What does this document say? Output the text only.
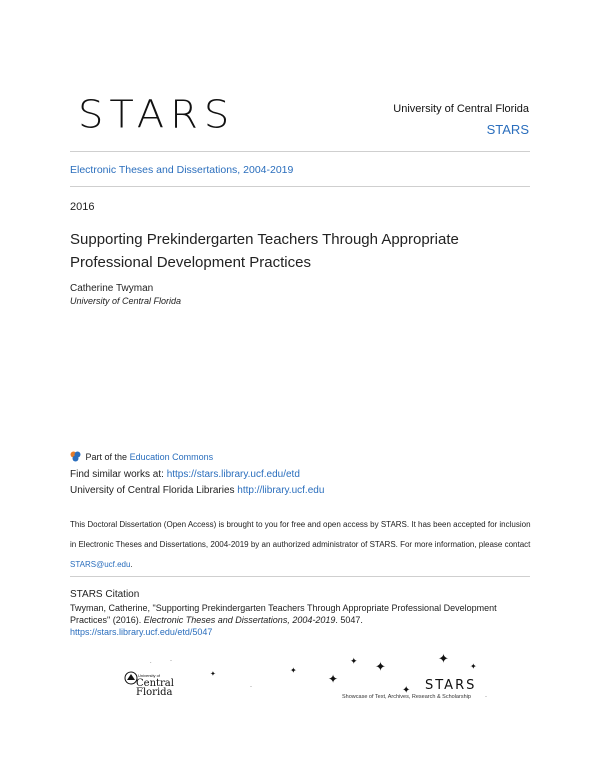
STARS	University of Central Florida
STARS
Electronic Theses and Dissertations, 2004-2019
2016
Supporting Prekindergarten Teachers Through Appropriate Professional Development Practices
Catherine Twyman
University of Central Florida
Part of the Education Commons
Find similar works at: https://stars.library.ucf.edu/etd
University of Central Florida Libraries http://library.ucf.edu
This Doctoral Dissertation (Open Access) is brought to you for free and open access by STARS. It has been accepted for inclusion in Electronic Theses and Dissertations, 2004-2019 by an authorized administrator of STARS. For more information, please contact STARS@ucf.edu.
STARS Citation
Twyman, Catherine, "Supporting Prekindergarten Teachers Through Appropriate Professional Development Practices" (2016). Electronic Theses and Dissertations, 2004-2019. 5047.
https://stars.library.ucf.edu/etd/5047
University of
Central
Florida
·	·
✦
·
✦
✦
✦ ✦
✦
✦
✦
·
STARS
Showcase of Text, Archives, Research & Scholarship
